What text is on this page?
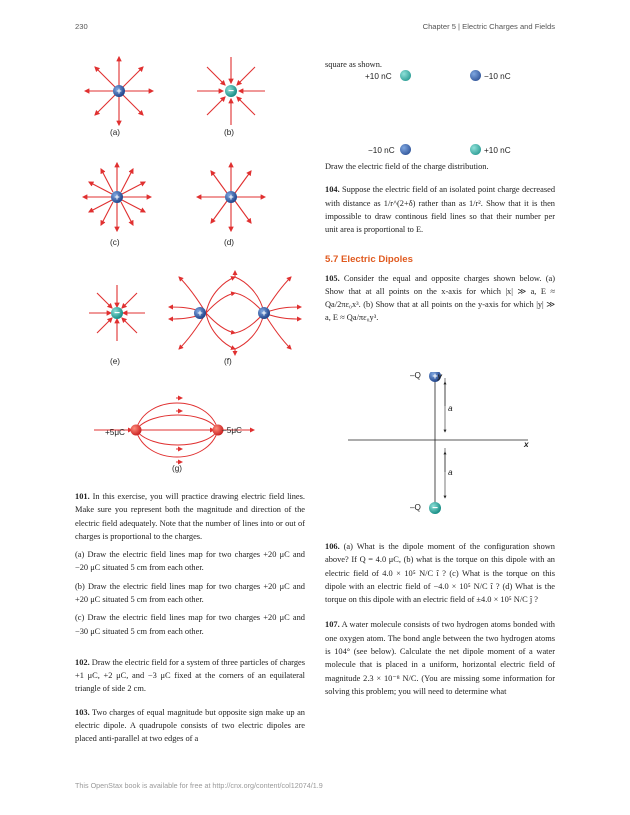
230	Chapter 5 | Electric Charges and Fields
+	−
+	+
−	+	+
(a)	(b)
(c)	(d)
(e)	(f)
+5μC	−5μC
(g)

101. In this exercise, you will practice drawing electric field lines. Make sure you represent both the magnitude and direction of the electric field adequately. Note that the number of lines into or out of charges is proportional to the charges.

(a) Draw the electric field lines map for two charges +20 μC and −20 μC situated 5 cm from each other.

(b) Draw the electric field lines map for two charges +20 μC and +20 μC situated 5 cm from each other.

(c) Draw the electric field lines map for two charges +20 μC and −30 μC situated 5 cm from each other.

102. Draw the electric field for a system of three particles of charges +1 μC, +2 μC, and −3 μC fixed at the corners of an equilateral triangle of side 2 cm.

103. Two charges of equal magnitude but opposite sign make up an electric dipole. A quadrupole consists of two electric dipoles are placed anti-parallel at two edges of a

square as shown.
+10 nC	−10 nC
−10 nC	+10 nC

Draw the electric field of the charge distribution.

104. Suppose the electric field of an isolated point charge decreased with distance as 1/r^(2+δ) rather than as 1/r². Show that it is then impossible to draw continous field lines so that their number per unit area is proportional to E.

5.7 Electric Dipoles

105. Consider the equal and opposite charges shown below. (a) Show that at all points on the x-axis for which |x| ≫ a, E ≈ Qa/2πε₀x³. (b) Show that at all points on the y-axis for which |y| ≫ a, E ≈ Qa/πε₀y³.

+
−
y
x
–Q
–Q
a
a

106. (a) What is the dipole moment of the configuration shown above? If Q = 4.0 μC, (b) what is the torque on this dipole with an electric field of 4.0 × 10⁵ N/C î ? (c) What is the torque on this dipole with an electric field of −4.0 × 10⁵ N/C î ? (d) What is the torque on this dipole with an electric field of ±4.0 × 10⁵ N/C ĵ ?

107. A water molecule consists of two hydrogen atoms bonded with one oxygen atom. The bond angle between the two hydrogen atoms is 104° (see below). Calculate the net dipole moment of a water molecule that is placed in a uniform, horizontal electric field of magnitude 2.3 × 10⁻⁸ N/C. (You are missing some information for solving this problem; you will need to determine what

This OpenStax book is available for free at http://cnx.org/content/col12074/1.9
